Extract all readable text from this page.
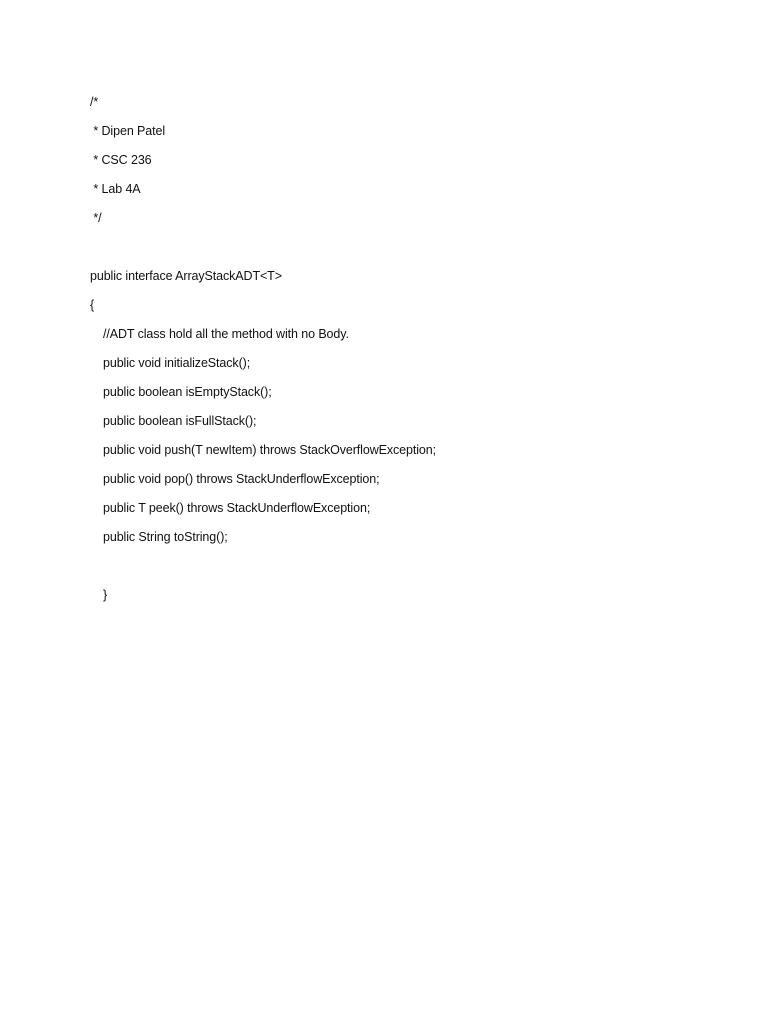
/*
* Dipen Patel
* CSC 236
* Lab 4A
*/
public interface ArrayStackADT<T>
{
//ADT class hold all the method with no Body.
public void initializeStack();
public boolean isEmptyStack();
public boolean isFullStack();
public void push(T newItem) throws StackOverflowException;
public void pop() throws StackUnderflowException;
public T peek() throws StackUnderflowException;
public String toString();
}
